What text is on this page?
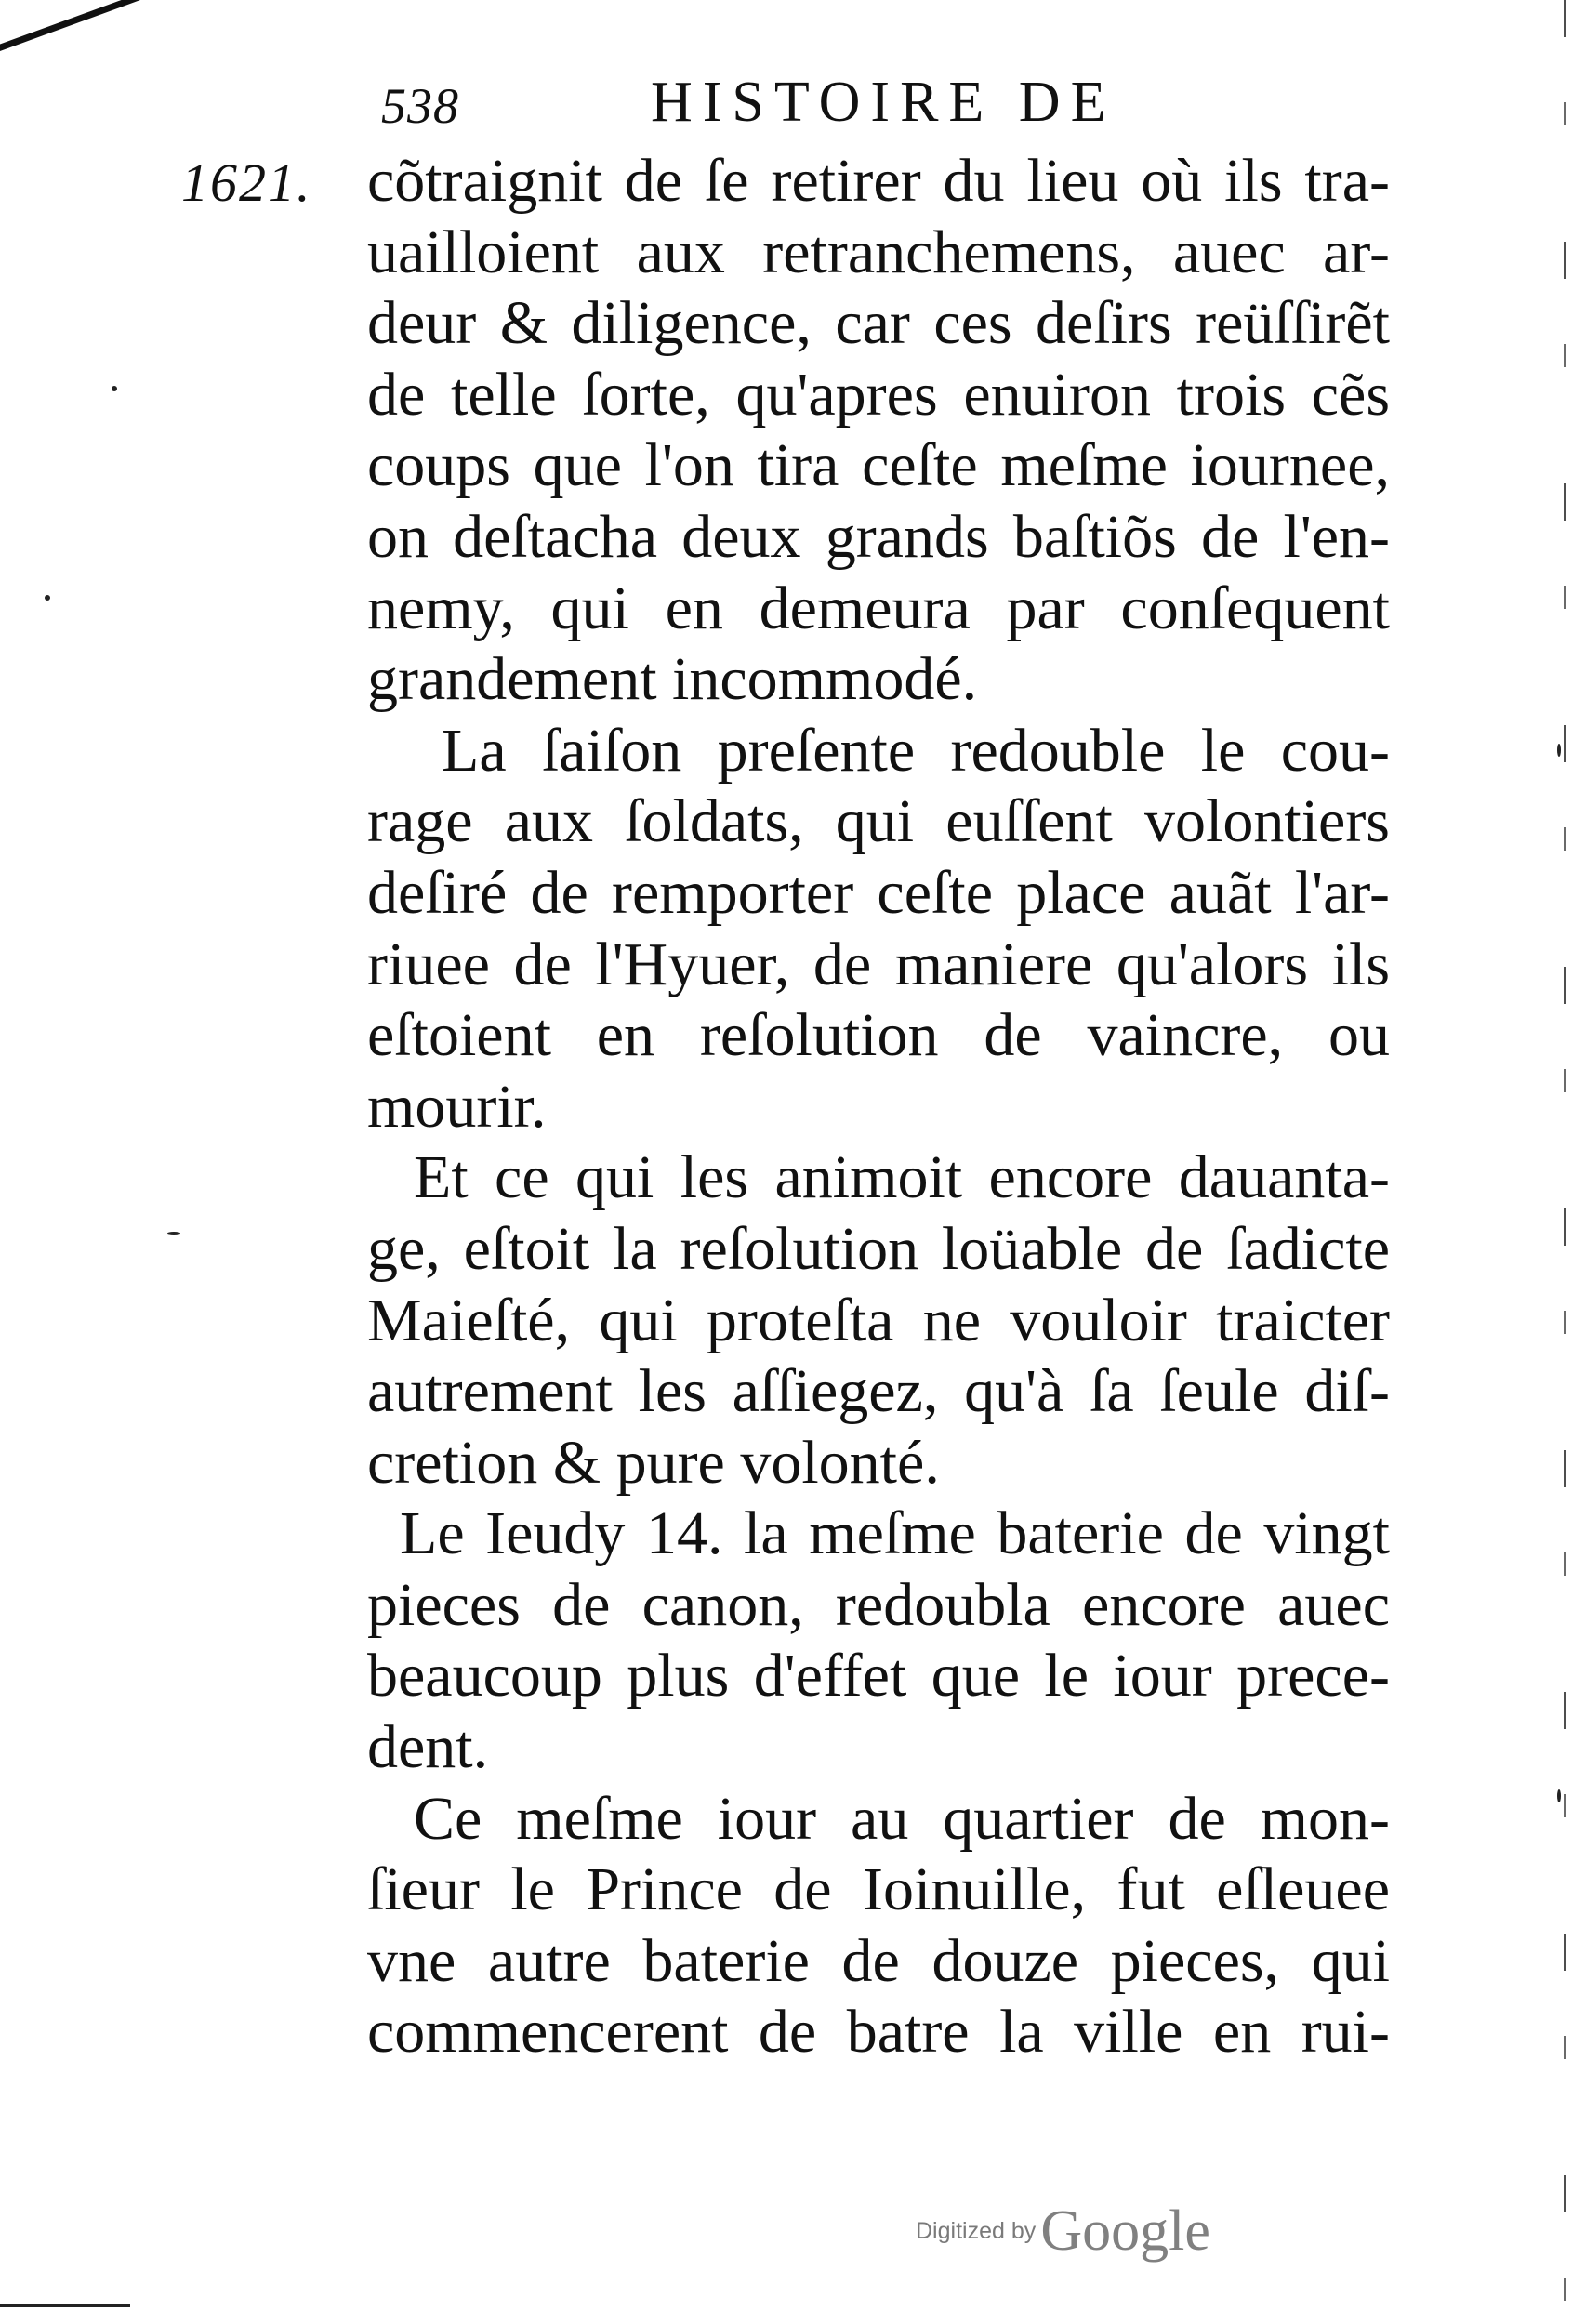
538	HISTOIRE DE
1621. cõtraignit de ſe retirer du lieu où ils tra-
uailloient aux retranchemens, auec ar-
deur & diligence, car ces deſirs reüſſirẽt
de telle ſorte, qu'apres enuiron trois cẽs
coups que l'on tira ceſte meſme iournee,
on deſtacha deux grands baſtiõs de l'en-
nemy, qui en demeura par conſequent
grandement incommodé.
La ſaiſon preſente redouble le cou-
rage aux ſoldats, qui euſſent volontiers
deſiré de remporter ceſte place auãt l'ar-
riuee de l'Hyuer, de maniere qu'alors ils
eſtoient en reſolution de vaincre, ou
mourir.
Et ce qui les animoit encore dauanta-
ge, eſtoit la reſolution loüable de ſadicte
Maieſté, qui proteſta ne vouloir traicter
autrement les aſſiegez, qu'à ſa ſeule diſ-
cretion & pure volonté.
Le Ieudy 14. la meſme baterie de vingt
pieces de canon, redoubla encore auec
beaucoup plus d'effet que le iour prece-
dent.
Ce meſme iour au quartier de mon-
ſieur le Prince de Ioinuille, fut eſleuee
vne autre baterie de douze pieces, qui
commencerent de batre la ville en rui-
Digitized by Google
